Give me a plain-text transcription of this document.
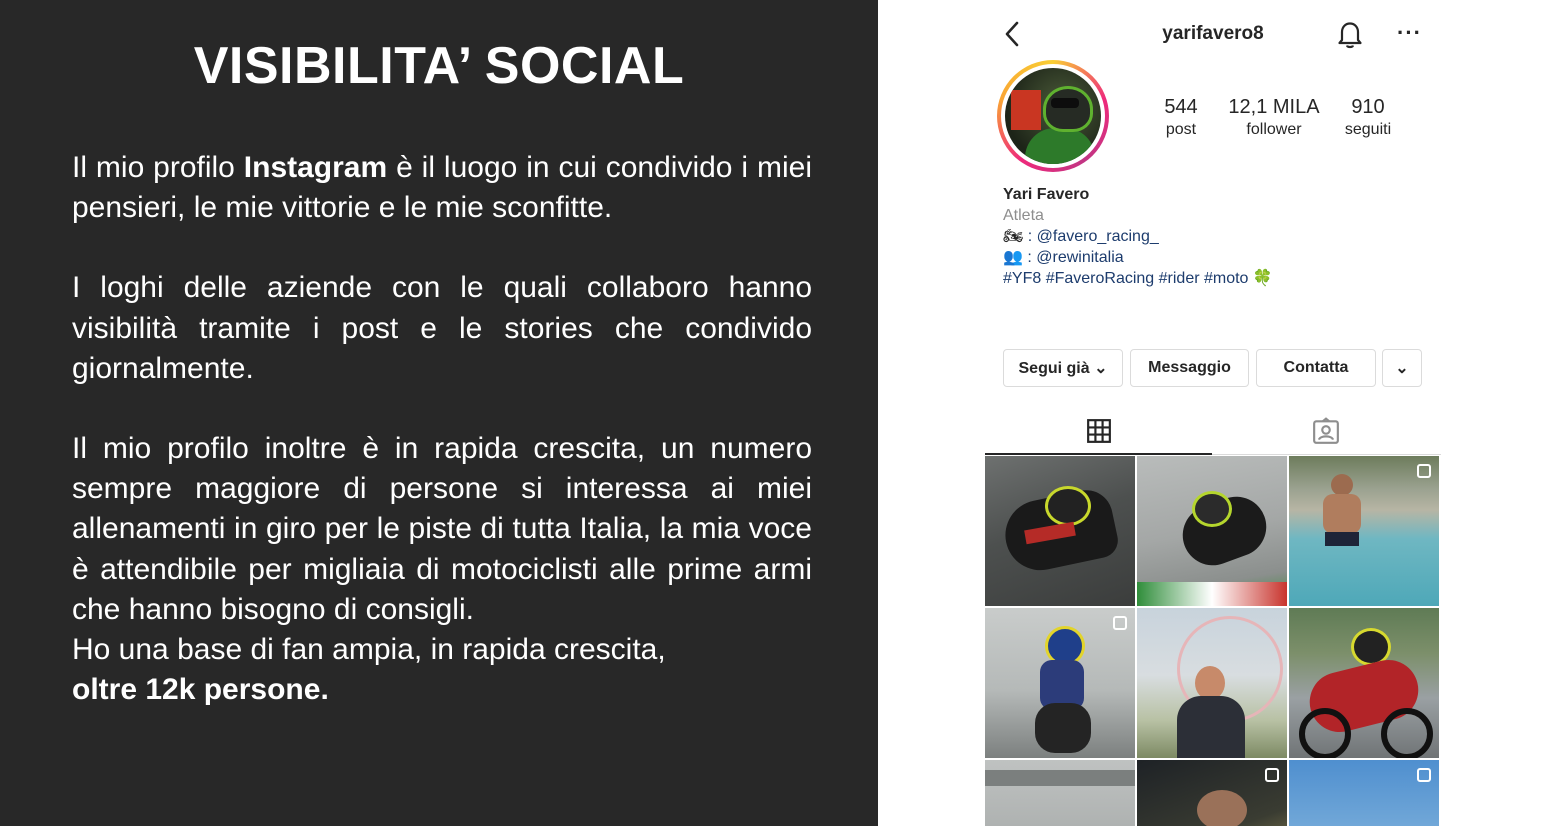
VISIBILITA’ SOCIAL

Il mio profilo Instagram è il luogo in cui condivido i miei pensieri, le mie vittorie e le mie sconfitte.

I loghi delle aziende con le quali collaboro hanno visibilità tramite i post e le stories che condivido giornalmente.

Il mio profilo inoltre è in rapida crescita, un numero sempre maggiore di persone si interessa ai miei allenamenti in giro per le piste di tutta Italia, la mia voce è attendibile per migliaia di motociclisti alle prime armi che hanno bisogno di consigli.

Ho una base di fan ampia, in rapida crescita,

oltre 12k persone.

yarifavero8	···
544
post
12,1 MILA
follower
910
seguiti
Yari Favero
Atleta
🏍 : @favero_racing_
👥 : @rewinitalia
#YF8 #FaveroRacing #rider #moto 🍀
Segui già ⌄	Messaggio	Contatta	⌄
